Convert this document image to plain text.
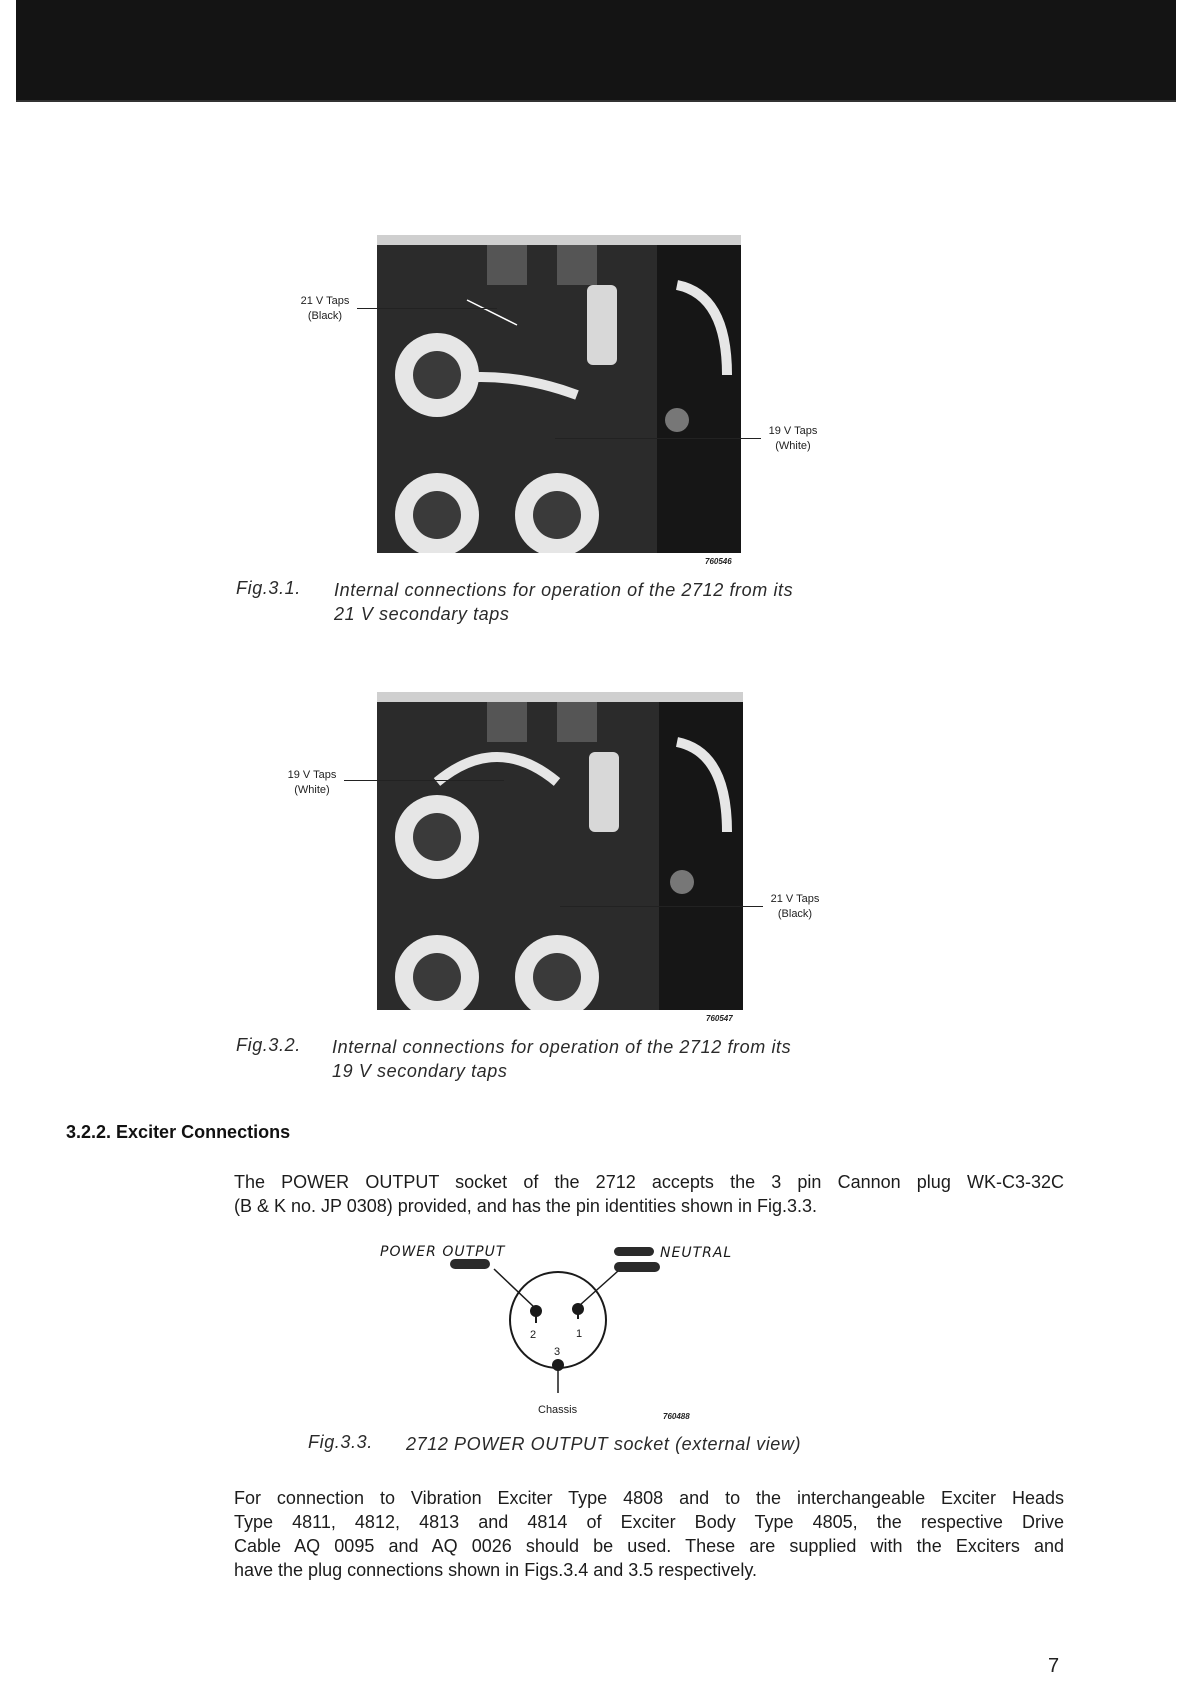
21 V Taps
(Black)
19 V Taps
(White)
760546
Fig.3.1. Internal connections for operation of the 2712 from its
21 V secondary taps
19 V Taps
(White)
21 V Taps
(Black)
760547
Fig.3.2. Internal connections for operation of the 2712 from its
19 V secondary taps
3.2.2. Exciter Connections
The POWER OUTPUT socket of the 2712 accepts the 3 pin Cannon plug WK-C3-32C
(B & K no. JP 0308) provided, and has the pin identities shown in Fig.3.3.
POWER OUTPUT	NEUTRAL
2	1
3
Chassis
760488
Fig.3.3. 2712 POWER OUTPUT socket (external view)
For connection to Vibration Exciter Type 4808 and to the interchangeable Exciter Heads
Type 4811, 4812, 4813 and 4814 of Exciter Body Type 4805, the respective Drive
Cable AQ 0095 and AQ 0026 should be used. These are supplied with the Exciters and
have the plug connections shown in Figs.3.4 and 3.5 respectively.
7
